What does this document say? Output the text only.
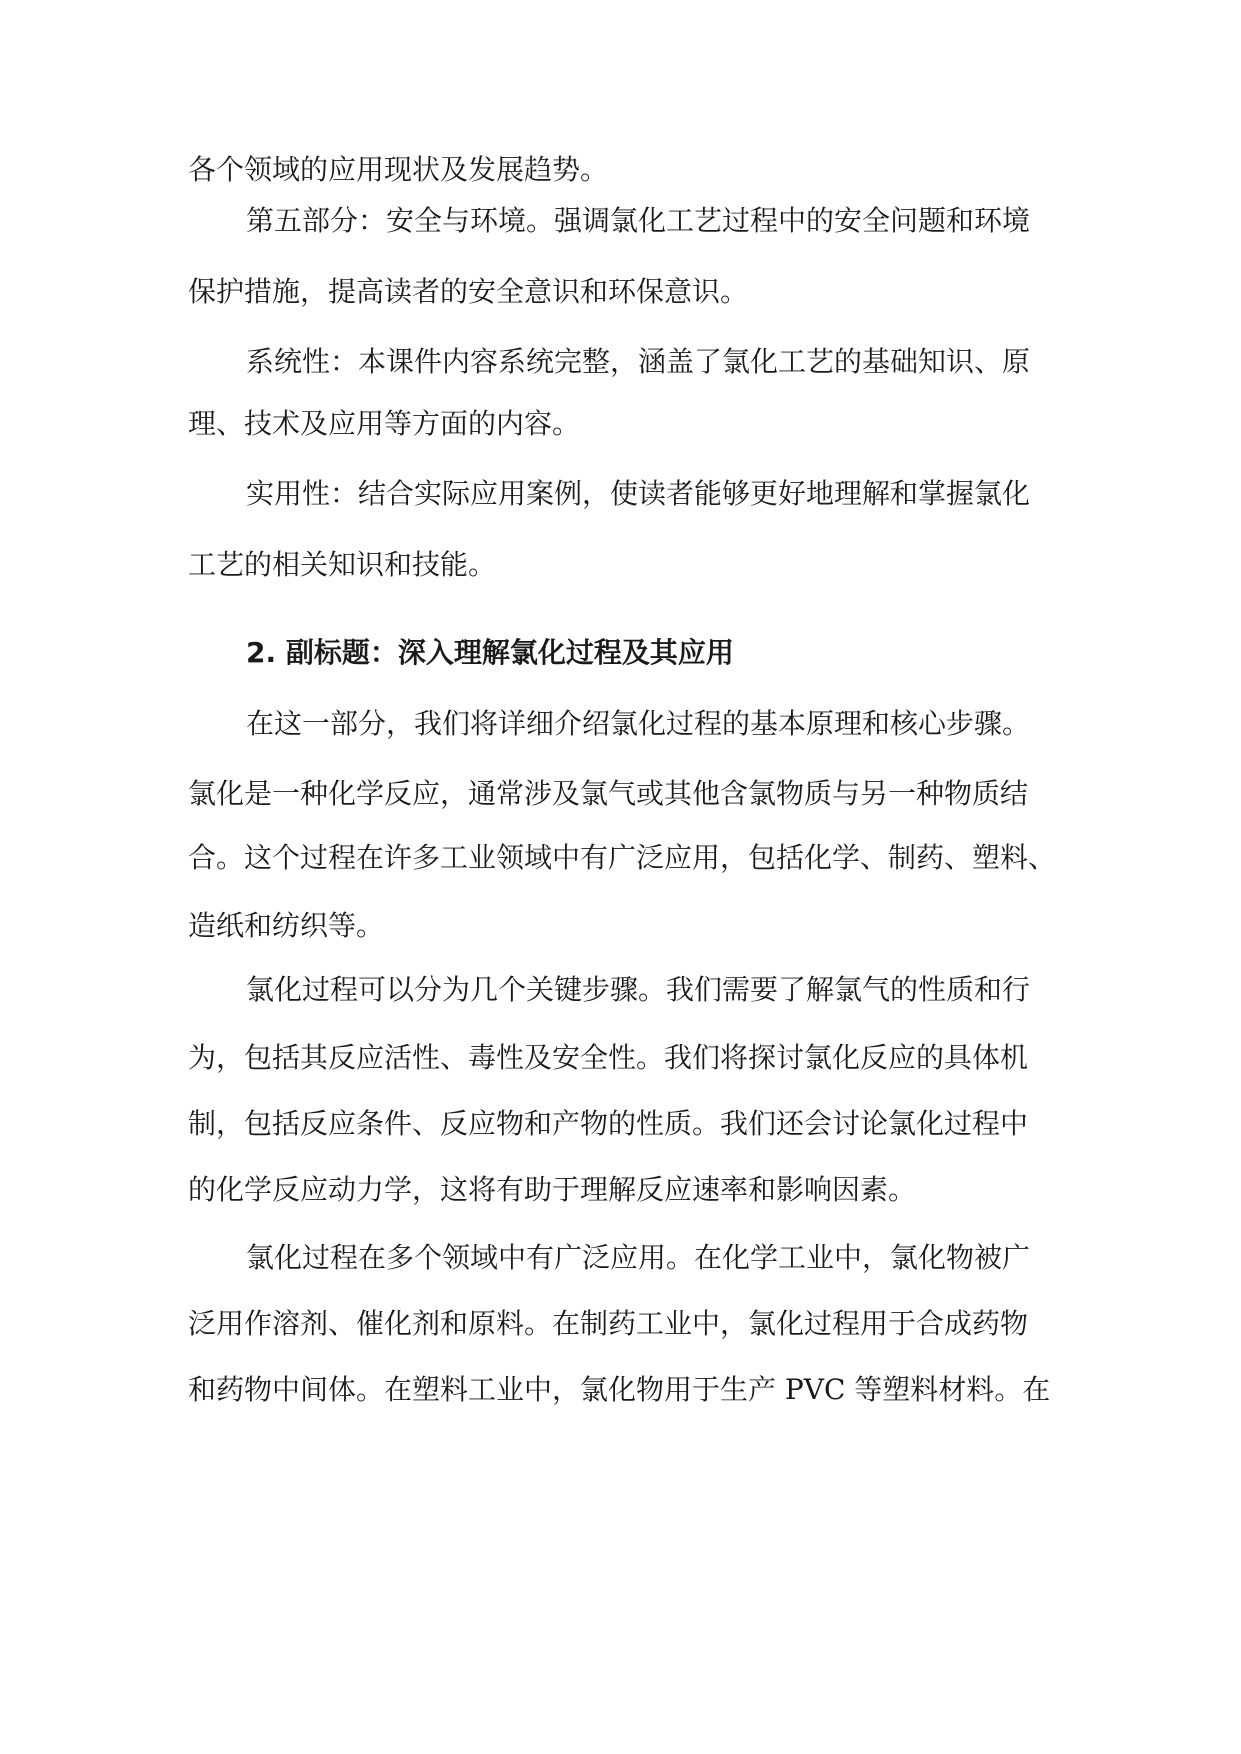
各个领域的应用现状及发展趋势。
第五部分：安全与环境。强调氯化工艺过程中的安全问题和环境
保护措施，提高读者的安全意识和环保意识。
系统性：本课件内容系统完整，涵盖了氯化工艺的基础知识、原
理、技术及应用等方面的内容。
实用性：结合实际应用案例，使读者能够更好地理解和掌握氯化
工艺的相关知识和技能。
2. 副标题：深入理解氯化过程及其应用
在这一部分，我们将详细介绍氯化过程的基本原理和核心步骤。
氯化是一种化学反应，通常涉及氯气或其他含氯物质与另一种物质结
合。这个过程在许多工业领域中有广泛应用，包括化学、制药、塑料、
造纸和纺织等。
氯化过程可以分为几个关键步骤。我们需要了解氯气的性质和行
为，包括其反应活性、毒性及安全性。我们将探讨氯化反应的具体机
制，包括反应条件、反应物和产物的性质。我们还会讨论氯化过程中
的化学反应动力学，这将有助于理解反应速率和影响因素。
氯化过程在多个领域中有广泛应用。在化学工业中，氯化物被广
泛用作溶剂、催化剂和原料。在制药工业中，氯化过程用于合成药物
和药物中间体。在塑料工业中，氯化物用于生产 PVC 等塑料材料。在
